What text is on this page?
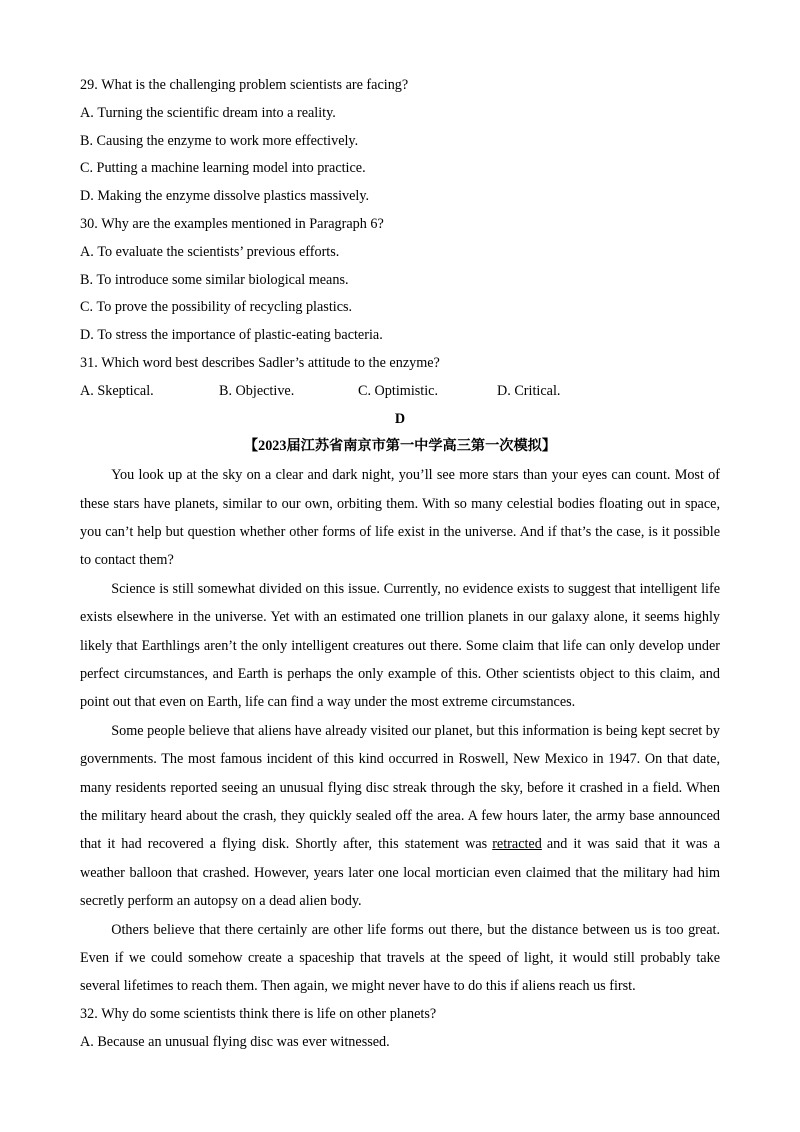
29. What is the challenging problem scientists are facing?

A. Turning the scientific dream into a reality.

B. Causing the enzyme to work more effectively.

C. Putting a machine learning model into practice.

D. Making the enzyme dissolve plastics massively.

30. Why are the examples mentioned in Paragraph 6?

A. To evaluate the scientists’ previous efforts.

B. To introduce some similar biological means.

C. To prove the possibility of recycling plastics.

D. To stress the importance of plastic-eating bacteria.

31. Which word best describes Sadler’s attitude to the enzyme?

A. Skeptical.	B. Objective.	C. Optimistic.	D. Critical.

D

【2023届江苏省南京市第一中学高三第一次模拟】

You look up at the sky on a clear and dark night, you’ll see more stars than your eyes can count. Most of these stars have planets, similar to our own, orbiting them. With so many celestial bodies floating out in space, you can’t help but question whether other forms of life exist in the universe. And if that’s the case, is it possible to contact them?

Science is still somewhat divided on this issue. Currently, no evidence exists to suggest that intelligent life exists elsewhere in the universe. Yet with an estimated one trillion planets in our galaxy alone, it seems highly likely that Earthlings aren’t the only intelligent creatures out there. Some claim that life can only develop under perfect circumstances, and Earth is perhaps the only example of this. Other scientists object to this claim, and point out that even on Earth, life can find a way under the most extreme circumstances.

Some people believe that aliens have already visited our planet, but this information is being kept secret by governments. The most famous incident of this kind occurred in Roswell, New Mexico in 1947. On that date, many residents reported seeing an unusual flying disc streak through the sky, before it crashed in a field. When the military heard about the crash, they quickly sealed off the area. A few hours later, the army base announced that it had recovered a flying disk. Shortly after, this statement was retracted and it was said that it was a weather balloon that crashed. However, years later one local mortician even claimed that the military had him secretly perform an autopsy on a dead alien body.

Others believe that there certainly are other life forms out there, but the distance between us is too great. Even if we could somehow create a spaceship that travels at the speed of light, it would still probably take several lifetimes to reach them. Then again, we might never have to do this if aliens reach us first.

32. Why do some scientists think there is life on other planets?

A. Because an unusual flying disc was ever witnessed.
